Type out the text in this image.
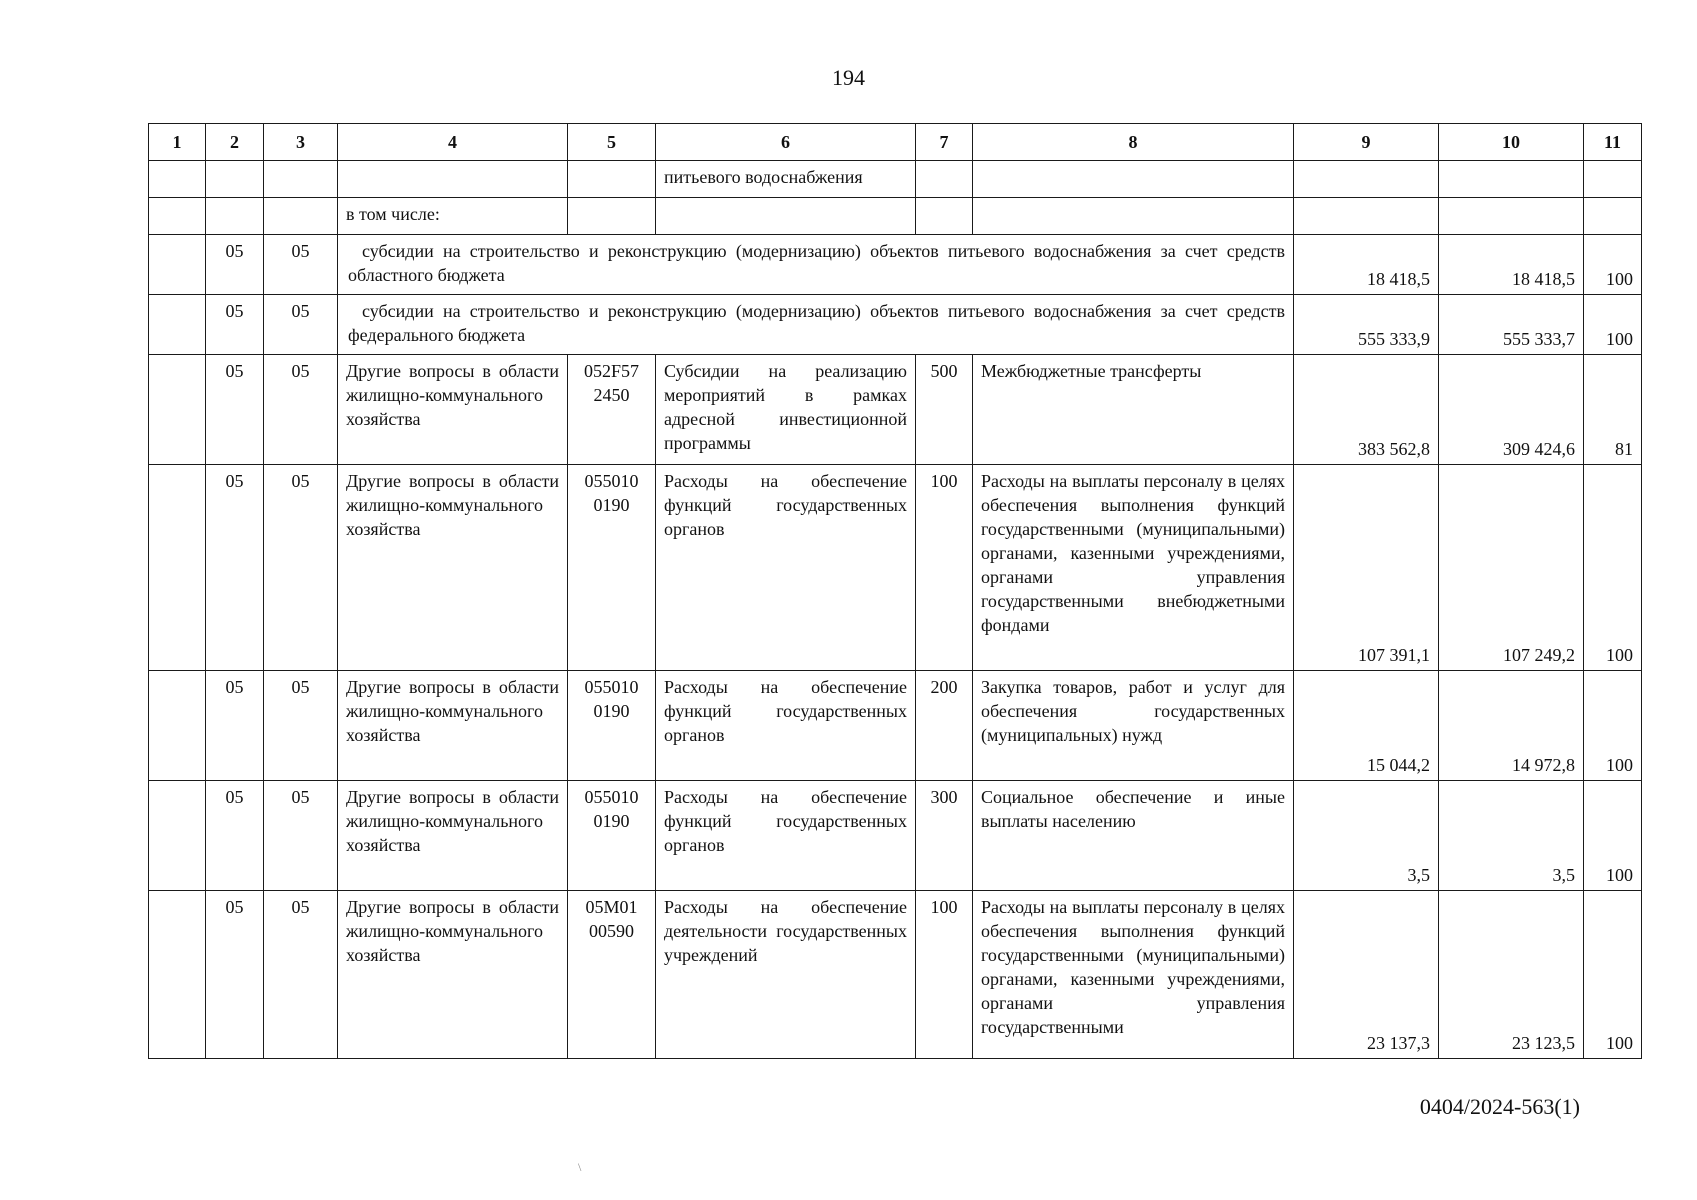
194
1	2	3	4	5	6	7	8	9	10	11
					питьевого водоснабжения					
			в том числе:							
	05	05	субсидии на строительство и реконструкцию (модернизацию) объектов питьевого водоснабжения за счет средств областного бюджета					18 418,5	18 418,5	100
	05	05	субсидии на строительство и реконструкцию (модернизацию) объектов питьевого водоснабжения за счет средств федерального бюджета					555 333,9	555 333,7	100
	05	05	Другие вопросы в области жилищно-коммунального хозяйства	052F57 2450	Субсидии на реализацию мероприятий в рамках адресной инвестиционной программы	500	Межбюджетные трансферты	383 562,8	309 424,6	81
	05	05	Другие вопросы в области жилищно-коммунального хозяйства	055010 0190	Расходы на обеспечение функций государственных органов	100	Расходы на выплаты персоналу в целях обеспечения выполнения функций государственными (муниципальными) органами, казенными учреждениями, органами управления государственными внебюджетными фондами	107 391,1	107 249,2	100
	05	05	Другие вопросы в области жилищно-коммунального хозяйства	055010 0190	Расходы на обеспечение функций государственных органов	200	Закупка товаров, работ и услуг для обеспечения государственных (муниципальных) нужд	15 044,2	14 972,8	100
	05	05	Другие вопросы в области жилищно-коммунального хозяйства	055010 0190	Расходы на обеспечение функций государственных органов	300	Социальное обеспечение и иные выплаты населению	3,5	3,5	100
	05	05	Другие вопросы в области жилищно-коммунального хозяйства	05М01 00590	Расходы на обеспечение деятельности государственных учреждений	100	Расходы на выплаты персоналу в целях обеспечения выполнения функций государственными (муниципальными) органами, казенными учреждениями, органами управления государственными	23 137,3	23 123,5	100
0404/2024-563(1)
\
